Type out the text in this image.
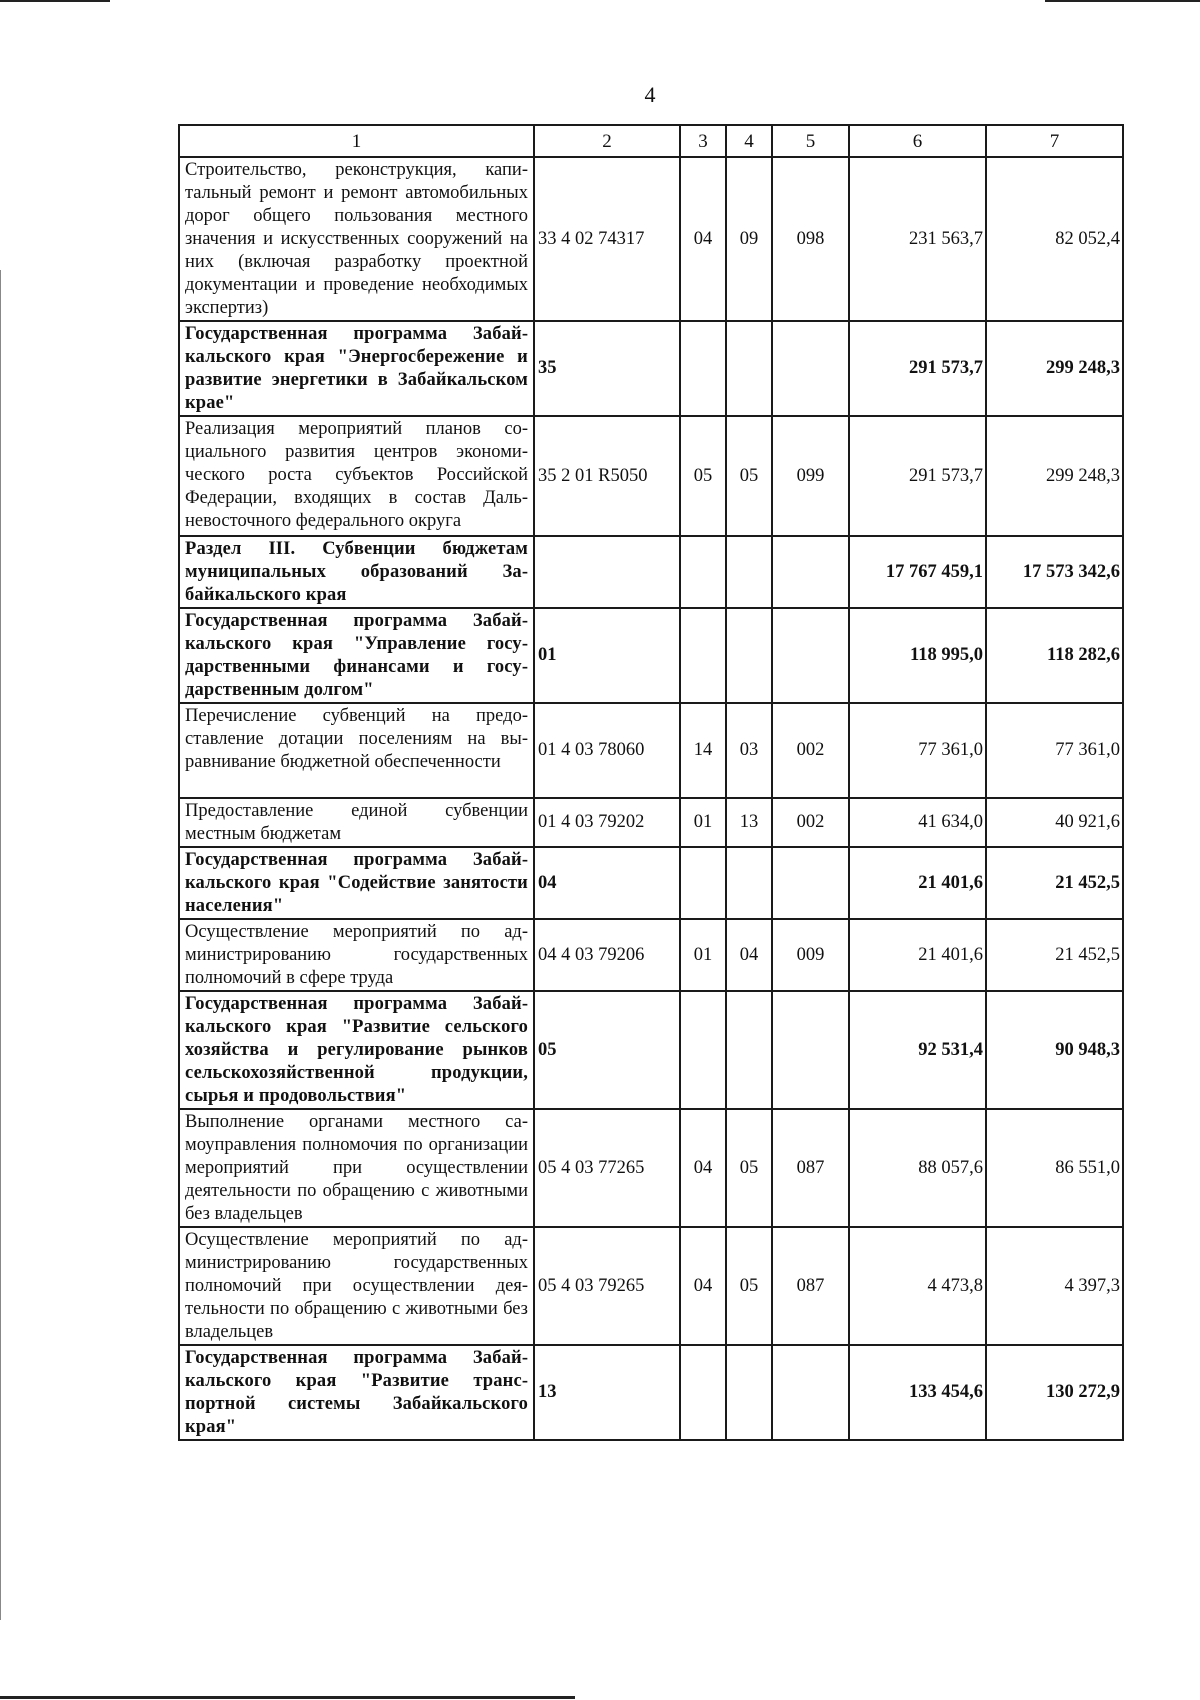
4
1	2	3	4	5	6	7
Строительство, реконструкция, капитальный ремонт и ремонт автомобильных дорог общего пользования местного значения и искусственных сооружений на них (включая разработку проектной документации и проведение необходимых экспертиз)	33 4 02 74317	04	09	098	231 563,7	82 052,4
Государственная программа Забайкальского края "Энергосбережение и развитие энергетики в Забайкальском крае"	35				291 573,7	299 248,3
Реализация мероприятий планов социального развития центров экономического роста субъектов Российской Федерации, входящих в состав Дальневосточного федерального округа	35 2 01 R5050	05	05	099	291 573,7	299 248,3
Раздел III. Субвенции бюджетам муниципальных образований Забайкальского края					17 767 459,1	17 573 342,6
Государственная программа Забайкальского края "Управление государственными финансами и государственным долгом"	01				118 995,0	118 282,6
Перечисление субвенций на предоставление дотации поселениям на выравнивание бюджетной обеспеченности	01 4 03 78060	14	03	002	77 361,0	77 361,0
Предоставление единой субвенции местным бюджетам	01 4 03 79202	01	13	002	41 634,0	40 921,6
Государственная программа Забайкальского края "Содействие занятости населения"	04				21 401,6	21 452,5
Осуществление мероприятий по администрированию государственных полномочий в сфере труда	04 4 03 79206	01	04	009	21 401,6	21 452,5
Государственная программа Забайкальского края "Развитие сельского хозяйства и регулирование рынков сельскохозяйственной продукции, сырья и продовольствия"	05				92 531,4	90 948,3
Выполнение органами местного самоуправления полномочия по организации мероприятий при осуществлении деятельности по обращению с животными без владельцев	05 4 03 77265	04	05	087	88 057,6	86 551,0
Осуществление мероприятий по администрированию государственных полномочий при осуществлении деятельности по обращению с животными без владельцев	05 4 03 79265	04	05	087	4 473,8	4 397,3
Государственная программа Забайкальского края "Развитие транспортной системы Забайкальского края"	13				133 454,6	130 272,9
